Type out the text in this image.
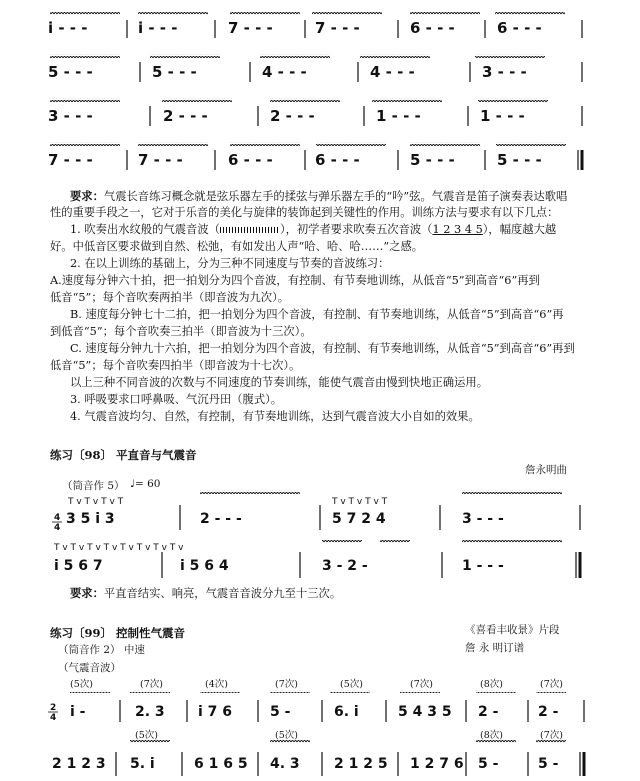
i - - -	i - - -	7 - - -	7 - - -	6 - - -	6 - - -
5 - - -	5 - - -	4 - - -	4 - - -	3 - - -
3 - - -	2 - - -	2 - - -	1 - - -	1 - - -
7 - - -	7 - - -	6 - - -	6 - - -	5 - - -	5 - - -
4
4
T v T v T v T
3 5 i 3	2 - - -
T v T v T v T
5 7 2 4	3 - - -
T v T v T v T v T v T v T v T v
i 5 6 7	i 5 6 4	3 - 2 -	1 - - -
2
4 i -	2. 3 i 7 6	5 -	6. i	5 4 3 5 2 -	2 -
2 1 2 3 5. i	6 1 6 5 4. 3 2 1 2 5 1 2 7 6 5 -	5 -
要求：气震长音练习概念就是弦乐器左手的揉弦与弹乐器左手的“吟”弦。气震音是笛子演奏表达歌唱
性的重要手段之一，它对于乐音的美化与旋律的装饰起到关键性的作用。训练方法与要求有以下几点：
1. 吹奏出水纹般的气震音波（	），初学者要求吹奏五次音波（1 2 3 4 5），幅度越大越
好。中低音区要求做到自然、松弛，有如发出人声“哈、哈、哈……”之感。
2. 在以上训练的基础上，分为三种不同速度与节奏的音波练习：
A.速度每分钟六十拍，把一拍划分为四个音波，有控制、有节奏地训练，从低音“5”到高音“6”再到
低音“5”；每个音吹奏两拍半（即音波为九次）。
B. 速度每分钟七十二拍，把一拍划分为四个音波，有控制、有节奏地训练，从低音“5”到高音“6”再
到低音“5”；每个音吹奏三拍半（即音波为十三次）。
C. 速度每分钟九十六拍，把一拍划分为四个音波，有控制、有节奏地训练，从低音“5”到高音“6”再到
低音“5”；每个音吹奏四拍半（即音波为十七次）。
以上三种不同音波的次数与不同速度的节奏训练，能使气震音由慢到快地正确运用。
3. 呼吸要求口呼鼻吸、气沉丹田（腹式）。
4. 气震音波均匀、自然，有控制，有节奏地训练，达到气震音波大小自如的效果。
练习〔98〕 平直音与气震音
詹永明曲
（筒音作 5） ♩= 60
要求：平直音结实、响亮，气震音音波分九至十三次。
练习〔99〕 控制性气震音	《喜看丰收景》片段
詹 永 明订谱
（筒音作 2） 中速
（气震音波）
(5次)	(7次)	(4次)	(7次)	(5次)	(7次)	(8次)	(7次)
(5次)	(5次)	(8次)	(7次)
